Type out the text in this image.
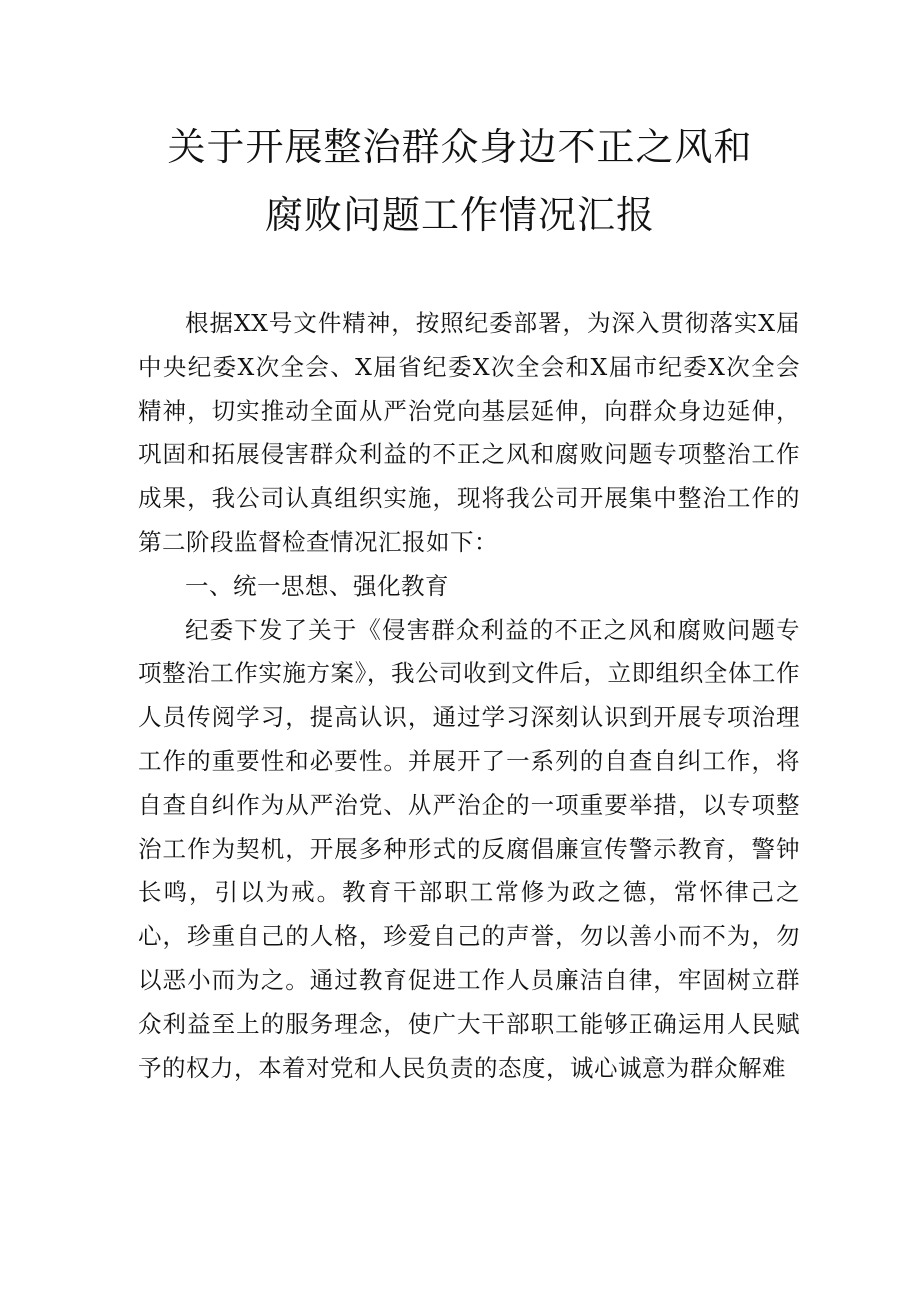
关于开展整治群众身边不正之风和
腐败问题工作情况汇报

根据XX号文件精神，按照纪委部署，为深入贯彻落实X届中央纪委X次全会、X届省纪委X次全会和X届市纪委X次全会精神，切实推动全面从严治党向基层延伸，向群众身边延伸，巩固和拓展侵害群众利益的不正之风和腐败问题专项整治工作成果，我公司认真组织实施，现将我公司开展集中整治工作的第二阶段监督检查情况汇报如下：

一、统一思想、强化教育

纪委下发了关于《侵害群众利益的不正之风和腐败问题专项整治工作实施方案》，我公司收到文件后，立即组织全体工作人员传阅学习，提高认识，通过学习深刻认识到开展专项治理工作的重要性和必要性。并展开了一系列的自查自纠工作，将自查自纠作为从严治党、从严治企的一项重要举措，以专项整治工作为契机，开展多种形式的反腐倡廉宣传警示教育，警钟长鸣，引以为戒。教育干部职工常修为政之德，常怀律己之心，珍重自己的人格，珍爱自己的声誉，勿以善小而不为，勿以恶小而为之。通过教育促进工作人员廉洁自律，牢固树立群众利益至上的服务理念，使广大干部职工能够正确运用人民赋予的权力，本着对党和人民负责的态度，诚心诚意为群众解难
